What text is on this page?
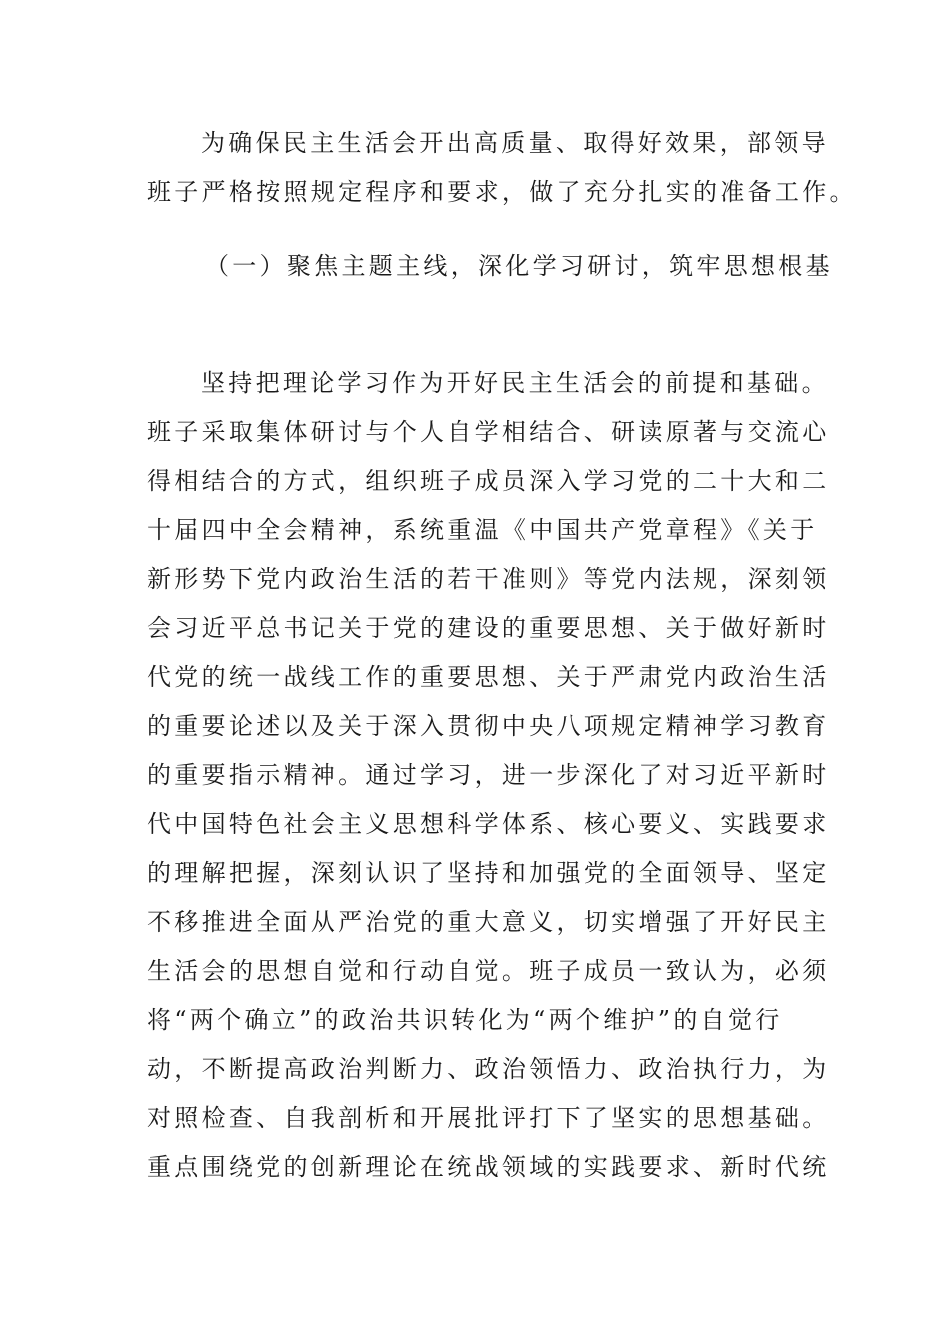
为确保民主生活会开出高质量、取得好效果，部领导
班子严格按照规定程序和要求，做了充分扎实的准备工作。
（一）聚焦主题主线，深化学习研讨，筑牢思想根基
坚持把理论学习作为开好民主生活会的前提和基础。
班子采取集体研讨与个人自学相结合、研读原著与交流心
得相结合的方式，组织班子成员深入学习党的二十大和二
十届四中全会精神，系统重温《中国共产党章程》《关于
新形势下党内政治生活的若干准则》等党内法规，深刻领
会习近平总书记关于党的建设的重要思想、关于做好新时
代党的统一战线工作的重要思想、关于严肃党内政治生活
的重要论述以及关于深入贯彻中央八项规定精神学习教育
的重要指示精神。通过学习，进一步深化了对习近平新时
代中国特色社会主义思想科学体系、核心要义、实践要求
的理解把握，深刻认识了坚持和加强党的全面领导、坚定
不移推进全面从严治党的重大意义，切实增强了开好民主
生活会的思想自觉和行动自觉。班子成员一致认为，必须
将“两个确立”的政治共识转化为“两个维护”的自觉行
动，不断提高政治判断力、政治领悟力、政治执行力，为
对照检查、自我剖析和开展批评打下了坚实的思想基础。
重点围绕党的创新理论在统战领域的实践要求、新时代统
